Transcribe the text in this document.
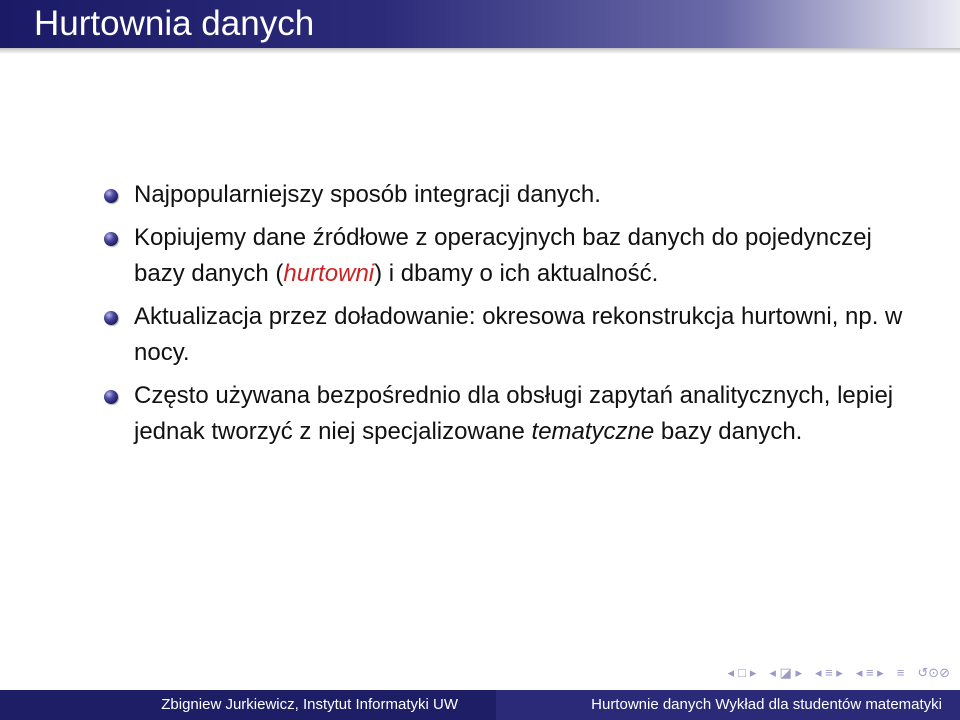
Hurtownia danych
Najpopularniejszy sposób integracji danych.
Kopiujemy dane źródłowe z operacyjnych baz danych do pojedynczej bazy danych (hurtowni) i dbamy o ich aktualność.
Aktualizacja przez doładowanie: okresowa rekonstrukcja hurtowni, np. w nocy.
Często używana bezpośrednio dla obsługi zapytań analitycznych, lepiej jednak tworzyć z niej specjalizowane tematyczne bazy danych.
◂ □ ▸ ◂ ◪ ▸ ◂ ≡ ▸ ◂ ≡ ▸ ≡ ↺⊙⊘
Zbigniew Jurkiewicz, Instytut Informatyki UW	Hurtownie danych Wykład dla studentów matematyki
